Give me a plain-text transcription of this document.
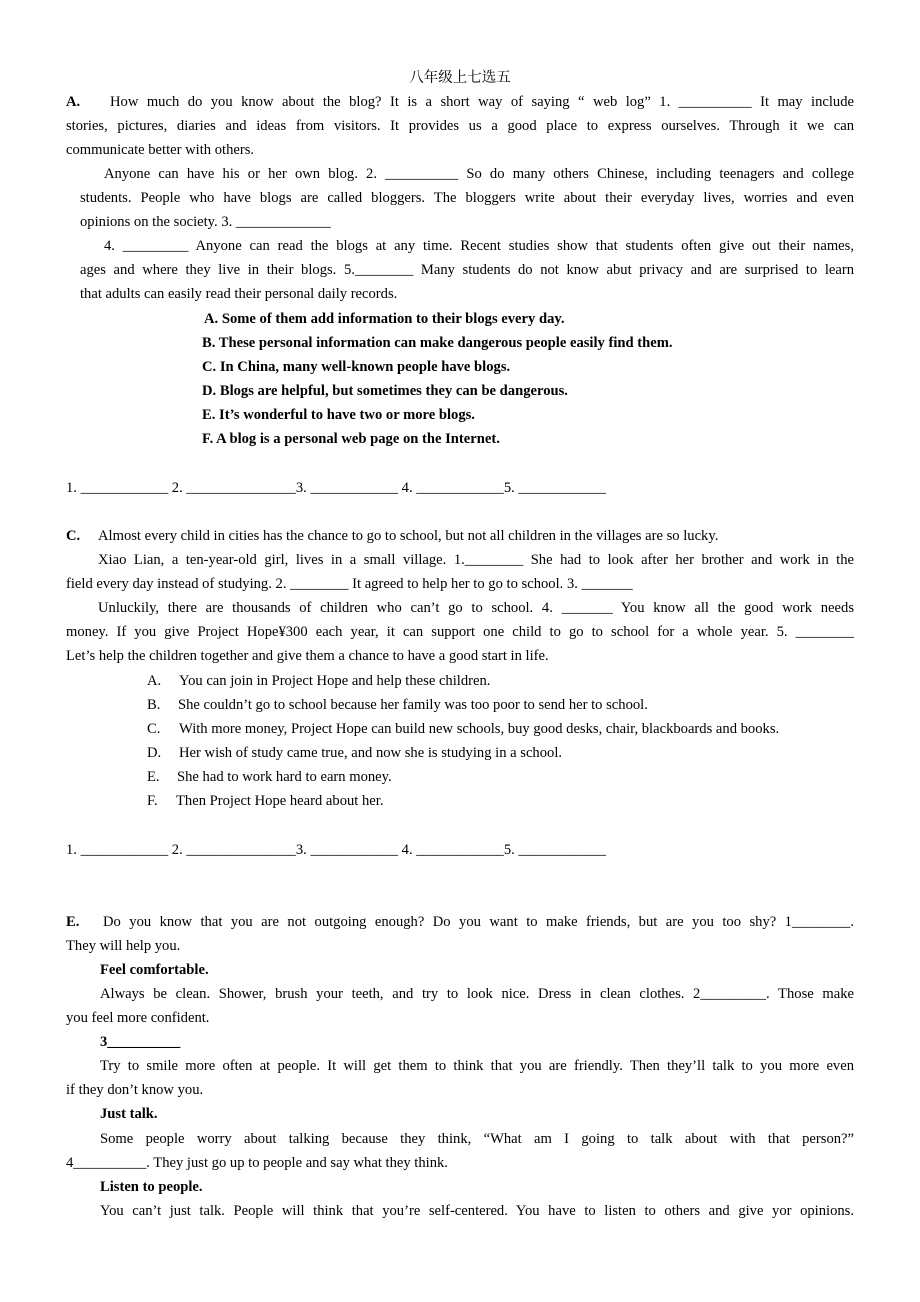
八年级上七选五
A. How much do you know about the blog? It is a short way of saying “ web log” 1. __________ It may include
stories, pictures, diaries and ideas from visitors. It provides us a good place to express ourselves. Through it we can
communicate better with others.
Anyone can have his or her own blog. 2. __________ So do many others Chinese, including teenagers and college
students. People who have blogs are called bloggers. The bloggers write about their everyday lives, worries and even
opinions on the society. 3. _____________
4. _________ Anyone can read the blogs at any time. Recent studies show that students often give out their names,
ages and where they live in their blogs. 5.________ Many students do not know abut privacy and are surprised to learn
that adults can easily read their personal daily records.
A. Some of them add information to their blogs every day.
B. These personal information can make dangerous people easily find them.
C. In China, many well-known people have blogs.
D. Blogs are helpful, but sometimes they can be dangerous.
E. It’s wonderful to have two or more blogs.
F. A blog is a personal web page on the Internet.
1. ____________ 2. _______________3. ____________ 4. ____________5. ____________
C. Almost every child in cities has the chance to go to school, but not all children in the villages are so lucky.
Xiao Lian, a ten-year-old girl, lives in a small village. 1.________ She had to look after her brother and work in the
field every day instead of studying. 2. ________ It agreed to help her to go to school. 3. _______
Unluckily, there are thousands of children who can’t go to school. 4. _______ You know all the good work needs
money. If you give Project Hope¥300 each year, it can support one child to go to school for a whole year. 5. ________
Let’s help the children together and give them a chance to have a good start in life.
A. You can join in Project Hope and help these children.
B. She couldn’t go to school because her family was too poor to send her to school.
C. With more money, Project Hope can build new schools, buy good desks, chair, blackboards and books.
D. Her wish of study came true, and now she is studying in a school.
E. She had to work hard to earn money.
F. Then Project Hope heard about her.
1. ____________ 2. _______________3. ____________ 4. ____________5. ____________
E. Do you know that you are not outgoing enough? Do you want to make friends, but are you too shy? 1________.
They will help you.
Feel comfortable.
Always be clean. Shower, brush your teeth, and try to look nice. Dress in clean clothes. 2_________. Those make
you feel more confident.
3__________
Try to smile more often at people. It will get them to think that you are friendly. Then they’ll talk to you more even
if they don’t know you.
Just talk.
Some people worry about talking because they think, “What am I going to talk about with that person?”
4__________. They just go up to people and say what they think.
Listen to people.
You can’t just talk. People will think that you’re self-centered. You have to listen to others and give yor opinions.
